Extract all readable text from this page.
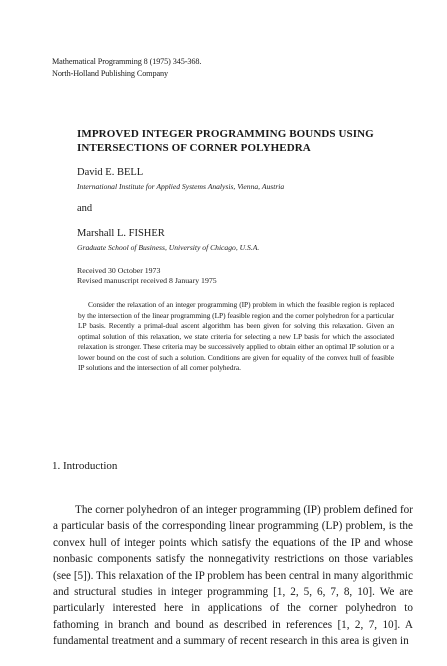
Mathematical Programming 8 (1975) 345-368.
North-Holland Publishing Company
IMPROVED INTEGER PROGRAMMING BOUNDS USING
INTERSECTIONS OF CORNER POLYHEDRA
David E. BELL
International Institute for Applied Systems Analysis, Vienna, Austria
and
Marshall L. FISHER
Graduate School of Business, University of Chicago, U.S.A.
Received 30 October 1973
Revised manuscript received 8 January 1975
Consider the relaxation of an integer programming (IP) problem in which the feasible region is replaced by the intersection of the linear programming (LP) feasible region and the corner polyhedron for a particular LP basis. Recently a primal-dual ascent algorithm has been given for solving this relaxation. Given an optimal solution of this relaxation, we state criteria for selecting a new LP basis for which the associated relaxation is stronger. These criteria may be successively applied to obtain either an optimal IP solution or a lower bound on the cost of such a solution. Conditions are given for equality of the convex hull of feasible IP solutions and the intersection of all corner polyhedra.
1. Introduction
The corner polyhedron of an integer programming (IP) problem defined for a particular basis of the corresponding linear programming (LP) problem, is the convex hull of integer points which satisfy the equations of the IP and whose nonbasic components satisfy the nonnegativity restrictions on those variables (see [5]). This relaxation of the IP problem has been central in many algorithmic and structural studies in integer programming [1, 2, 5, 6, 7, 8, 10]. We are particularly interested here in applications of the corner polyhedron to fathoming in branch and bound as described in references [1, 2, 7, 10]. A fundamental treatment and a summary of recent research in this area is given in
